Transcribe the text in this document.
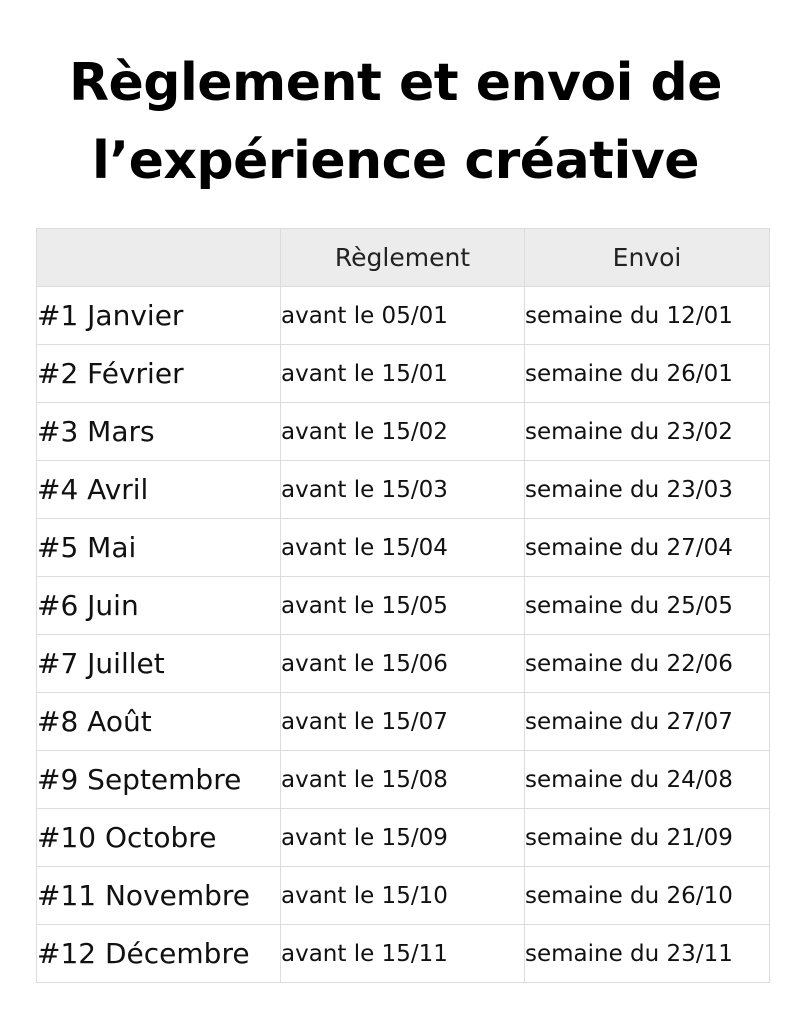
Règlement et envoi de
l’expérience créative
	Règlement	Envoi
#1 Janvier	avant le 05/01	semaine du 12/01
#2 Février	avant le 15/01	semaine du 26/01
#3 Mars	avant le 15/02	semaine du 23/02
#4 Avril	avant le 15/03	semaine du 23/03
#5 Mai	avant le 15/04	semaine du 27/04
#6 Juin	avant le 15/05	semaine du 25/05
#7 Juillet	avant le 15/06	semaine du 22/06
#8 Août	avant le 15/07	semaine du 27/07
#9 Septembre	avant le 15/08	semaine du 24/08
#10 Octobre	avant le 15/09	semaine du 21/09
#11 Novembre	avant le 15/10	semaine du 26/10
#12 Décembre	avant le 15/11	semaine du 23/11
